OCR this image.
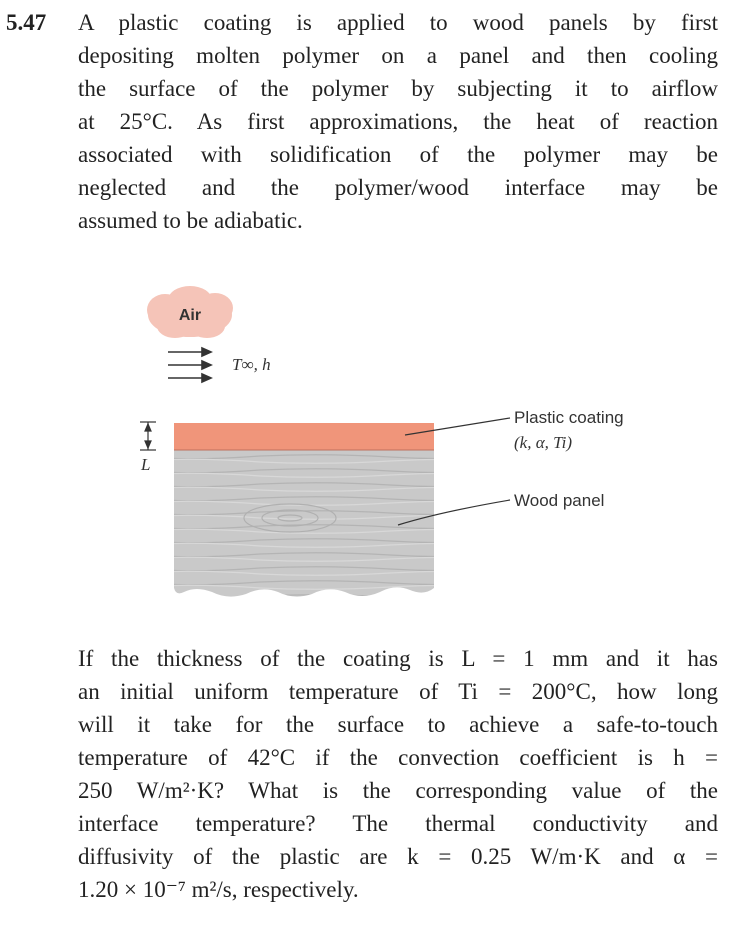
5.47 A plastic coating is applied to wood panels by first
depositing molten polymer on a panel and then cooling
the surface of the polymer by subjecting it to airflow
at 25°C. As first approximations, the heat of reaction
associated with solidification of the polymer may be
neglected and the polymer/wood interface may be
assumed to be adiabatic.
Air
T∞, h
L
Plastic coating
(k, α, Ti)
Wood panel
If the thickness of the coating is L = 1 mm and it has
an initial uniform temperature of Ti = 200°C, how long
will it take for the surface to achieve a safe-to-touch
temperature of 42°C if the convection coefficient is h =
250 W/m²·K? What is the corresponding value of the
interface temperature? The thermal conductivity and
diffusivity of the plastic are k = 0.25 W/m·K and α =
1.20 × 10⁻⁷ m²/s, respectively.
